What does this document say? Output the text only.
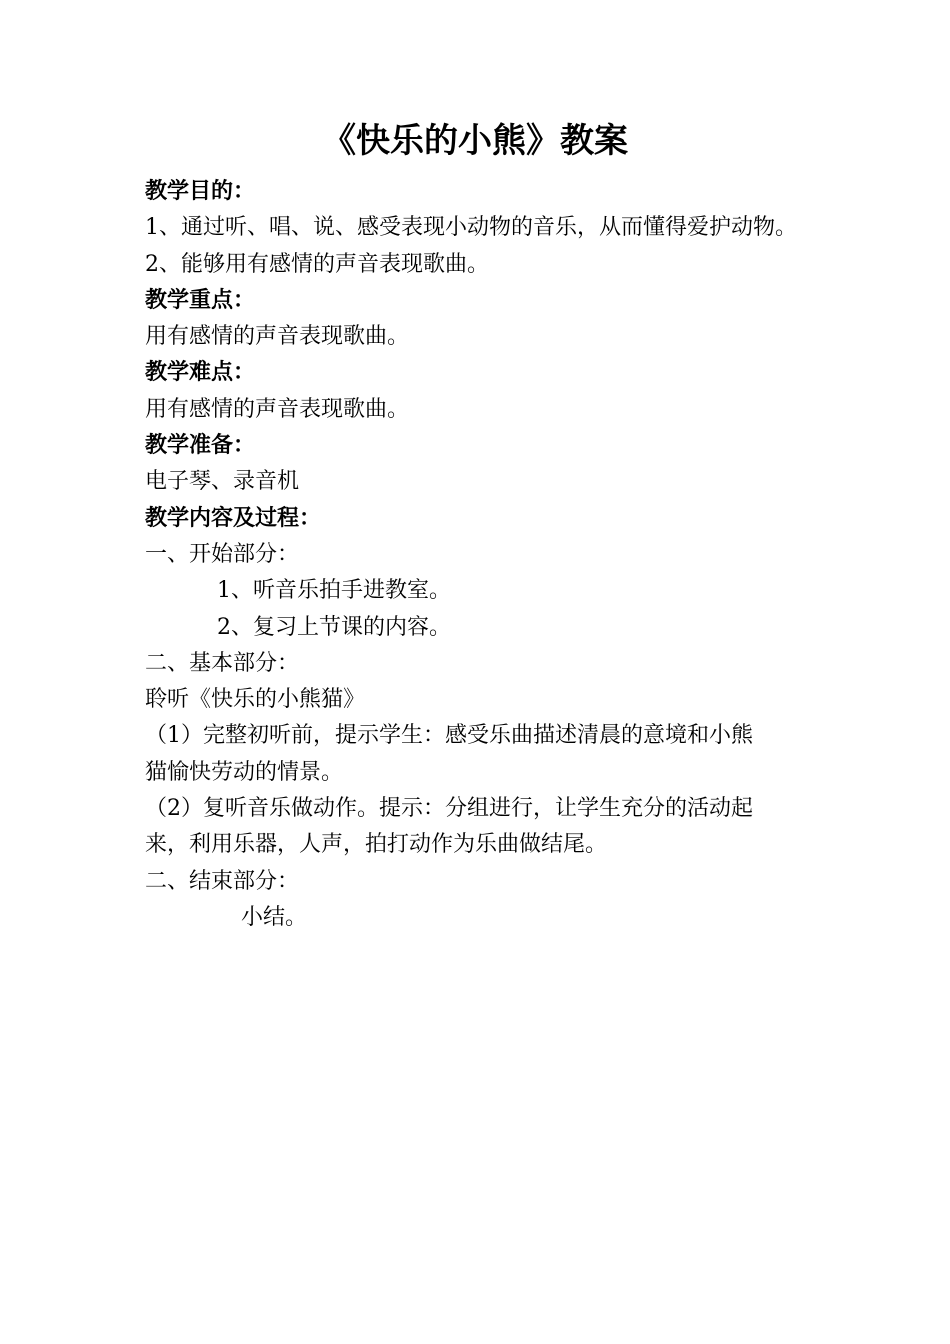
《快乐的小熊》教案
教学目的：
1、通过听、唱、说、感受表现小动物的音乐，从而懂得爱护动物。
2、能够用有感情的声音表现歌曲。
教学重点：
用有感情的声音表现歌曲。
教学难点：
用有感情的声音表现歌曲。
教学准备：
电子琴、录音机
教学内容及过程：
一、开始部分：
1、听音乐拍手进教室。
2、复习上节课的内容。
二、基本部分：
聆听《快乐的小熊猫》
（1）完整初听前，提示学生：感受乐曲描述清晨的意境和小熊
猫愉快劳动的情景。
（2）复听音乐做动作。提示：分组进行，让学生充分的活动起
来，利用乐器，人声，拍打动作为乐曲做结尾。
二、结束部分：
小结。
